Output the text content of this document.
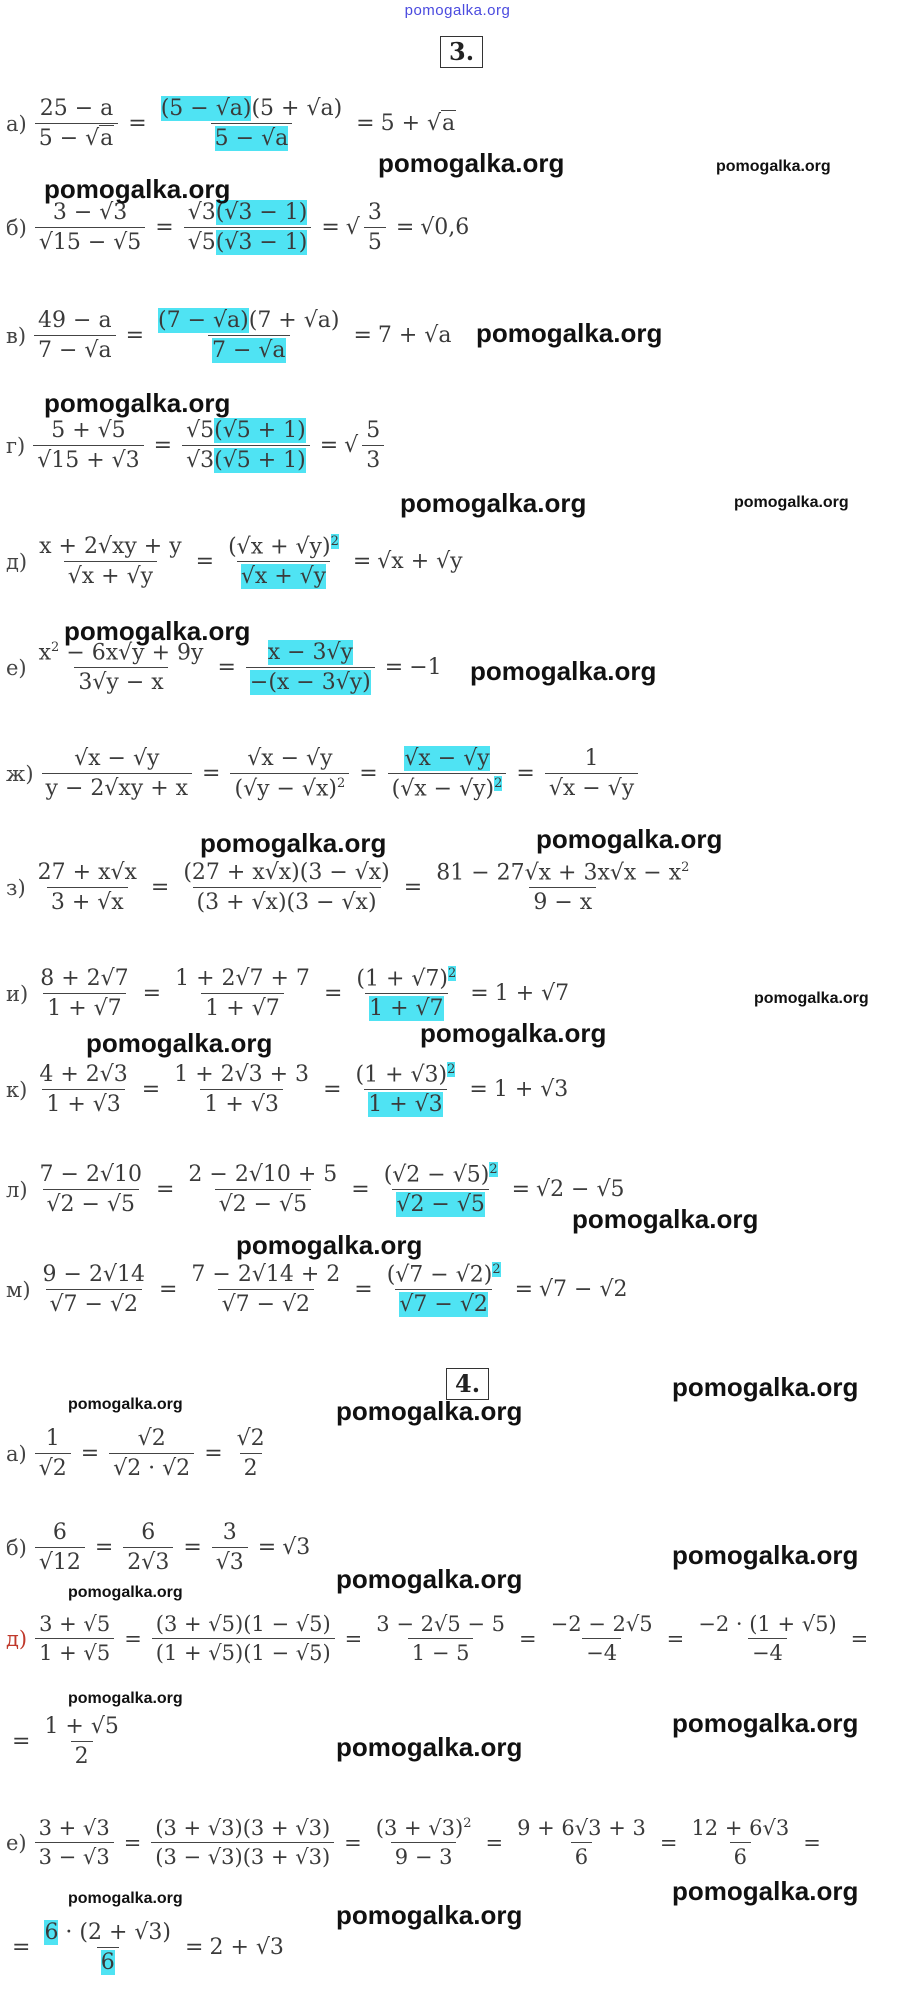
pomogalka.org
3.
$а) \frac{25 - a}{5 - √a} = \frac{(5 - √a)(5 + √a)}{5 - √a} = 5 + √a$
$б) \frac{3 - √3}{√15 - √5} = \frac{√3(√3 - 1)}{√5(√3 - 1)}$ = √ $\frac{3}{5} = √0,6$
$в) \frac{49 - a}{7 - √a} = \frac{(7 - √a)(7 + √a)}{7 - √a} = 7 + √a$
$г) \frac{5 + √5}{√15 + √3} = \frac{√5(√5 + 1)}{√3(√5 + 1)}$ = √ $\frac{5}{3}$
$д) \frac{x + 2√xy + y}{√x + √y} = \frac{(√x + √y)^2}{√x + √y} = √x + √y$
$е) \frac{x^2 - 6x√y + 9y}{3√y - x} = \frac{x - 3√y}{-(x - 3√y)} = -1$
$ж) \frac{√x - √y}{y - 2√xy + x} = \frac{√x - √y}{(√y - √x)^2} = \frac{√x - √y}{(√x - √y)^2} = \frac{1}{√x - √y}$
$з) \frac{27 + x√x}{3 + √x} = \frac{(27 + x√x)(3 - √x)}{(3 + √x)(3 - √x)} = \frac{81 - 27√x + 3x√x - x^2}{9 - x}$
$и) \frac{8 + 2√7}{1 + √7} = \frac{1 + 2√7 + 7}{1 + √7} = \frac{(1 + √7)^2}{1 + √7} = 1 + √7$
$к) \frac{4 + 2√3}{1 + √3} = \frac{1 + 2√3 + 3}{1 + √3} = \frac{(1 + √3)^2}{1 + √3} = 1 + √3$
$л) \frac{7 - 2√10}{√2 - √5} = \frac{2 - 2√10 + 5}{√2 - √5} = \frac{(√2 - √5)^2}{√2 - √5} = √2 - √5$
$м) \frac{9 - 2√14}{√7 - √2} = \frac{7 - 2√14 + 2}{√7 - √2} = \frac{(√7 - √2)^2}{√7 - √2} = √7 - √2$
4.
$а) \frac{1}{√2} = \frac{√2}{√2 \cdot √2} = \frac{√2}{2}$
$б) \frac{6}{√12} = \frac{6}{2√3} = \frac{3}{√3} = √3$
$д) \frac{3 + √5}{1 + √5} = \frac{(3 + √5)(1 - √5)}{(1 + √5)(1 - √5)} = \frac{3 - 2√5 - 5}{1 - 5} = \frac{-2 - 2√5}{-4} = \frac{-2 \cdot (1 + √5)}{-4}$ =
= $\frac{1 + √5}{2}$
$е) \frac{3 + √3}{3 - √3} = \frac{(3 + √3)(3 + √3)}{(3 - √3)(3 + √3)} = \frac{(3 + √3)^2}{9 - 3} = \frac{9 + 6√3 + 3}{6} = \frac{12 + 6√3}{6}$ =
= $\frac{6 \cdot (2 + √3)}{6} = 2 + √3$
pomogalka.org	pomogalka.org
pomogalka.org
pomogalka.org
pomogalka.org
pomogalka.org	pomogalka.org
pomogalka.org
pomogalka.org
pomogalka.org	pomogalka.org
pomogalka.org
pomogalka.org	pomogalka.org
pomogalka.org
pomogalka.org
pomogalka.org
pomogalka.org	pomogalka.org
pomogalka.org
pomogalka.org
pomogalka.org
pomogalka.org
pomogalka.org
pomogalka.org
pomogalka.org	pomogalka.org
pomogalka.org
